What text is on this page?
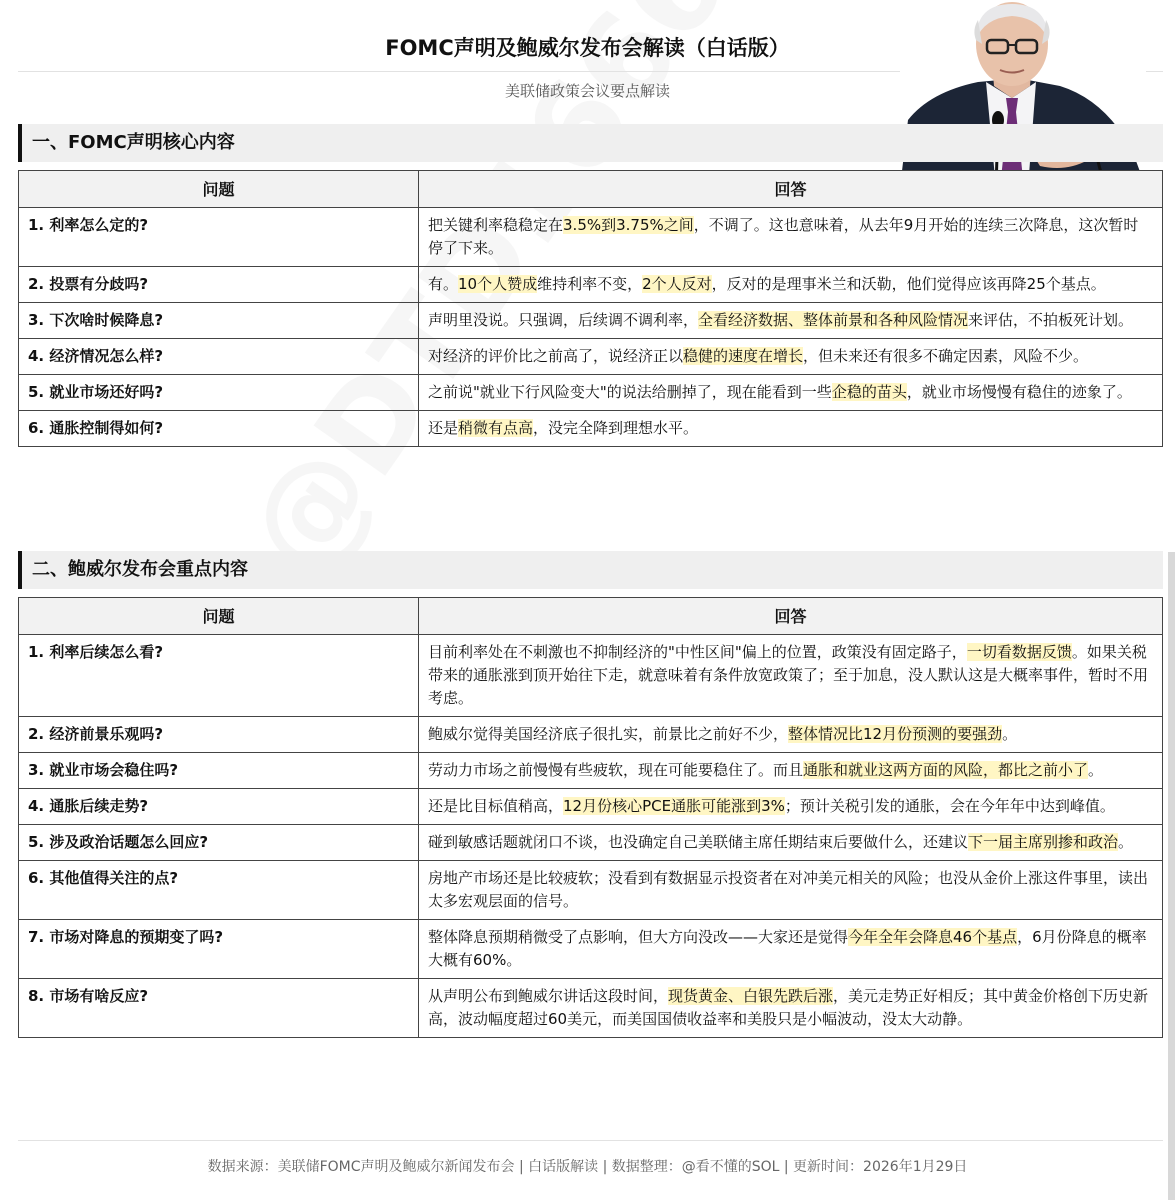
FOMC声明及鲍威尔发布会解读（白话版）
美联储政策会议要点解读
一、FOMC声明核心内容
问题	回答
1. 利率怎么定的?	把关键利率稳稳定在3.5%到3.75%之间，不调了。这也意味着，从去年9月开始的连续三次降息，这次暂时停了下来。
2. 投票有分歧吗?	有。10个人赞成维持利率不变，2个人反对，反对的是理事米兰和沃勒，他们觉得应该再降25个基点。
3. 下次啥时候降息?	声明里没说。只强调，后续调不调利率，全看经济数据、整体前景和各种风险情况来评估，不拍板死计划。
4. 经济情况怎么样?	对经济的评价比之前高了，说经济正以稳健的速度在增长，但未来还有很多不确定因素，风险不少。
5. 就业市场还好吗?	之前说"就业下行风险变大"的说法给删掉了，现在能看到一些企稳的苗头，就业市场慢慢有稳住的迹象了。
6. 通胀控制得如何?	还是稍微有点高，没完全降到理想水平。
二、鲍威尔发布会重点内容
问题	回答
1. 利率后续怎么看?	目前利率处在不刺激也不抑制经济的"中性区间"偏上的位置，政策没有固定路子，一切看数据反馈。如果关税带来的通胀涨到顶开始往下走，就意味着有条件放宽政策了；至于加息，没人默认这是大概率事件，暂时不用考虑。
2. 经济前景乐观吗?	鲍威尔觉得美国经济底子很扎实，前景比之前好不少，整体情况比12月份预测的要强劲。
3. 就业市场会稳住吗?	劳动力市场之前慢慢有些疲软，现在可能要稳住了。而且通胀和就业这两方面的风险，都比之前小了。
4. 通胀后续走势?	还是比目标值稍高，12月份核心PCE通胀可能涨到3%；预计关税引发的通胀，会在今年年中达到峰值。
5. 涉及政治话题怎么回应?	碰到敏感话题就闭口不谈，也没确定自己美联储主席任期结束后要做什么，还建议下一届主席别掺和政治。
6. 其他值得关注的点?	房地产市场还是比较疲软；没看到有数据显示投资者在对冲美元相关的风险；也没从金价上涨这件事里，读出太多宏观层面的信号。
7. 市场对降息的预期变了吗?	整体降息预期稍微受了点影响，但大方向没改——大家还是觉得今年全年会降息46个基点，6月份降息的概率大概有60%。
8. 市场有啥反应?	从声明公布到鲍威尔讲话这段时间，现货黄金、白银先跌后涨，美元走势正好相反；其中黄金价格创下历史新高，波动幅度超过60美元，而美国国债收益率和美股只是小幅波动，没太大动静。
数据来源：美联储FOMC声明及鲍威尔新闻发布会 | 白话版解读 | 数据整理：@看不懂的SOL | 更新时间：2026年1月29日
